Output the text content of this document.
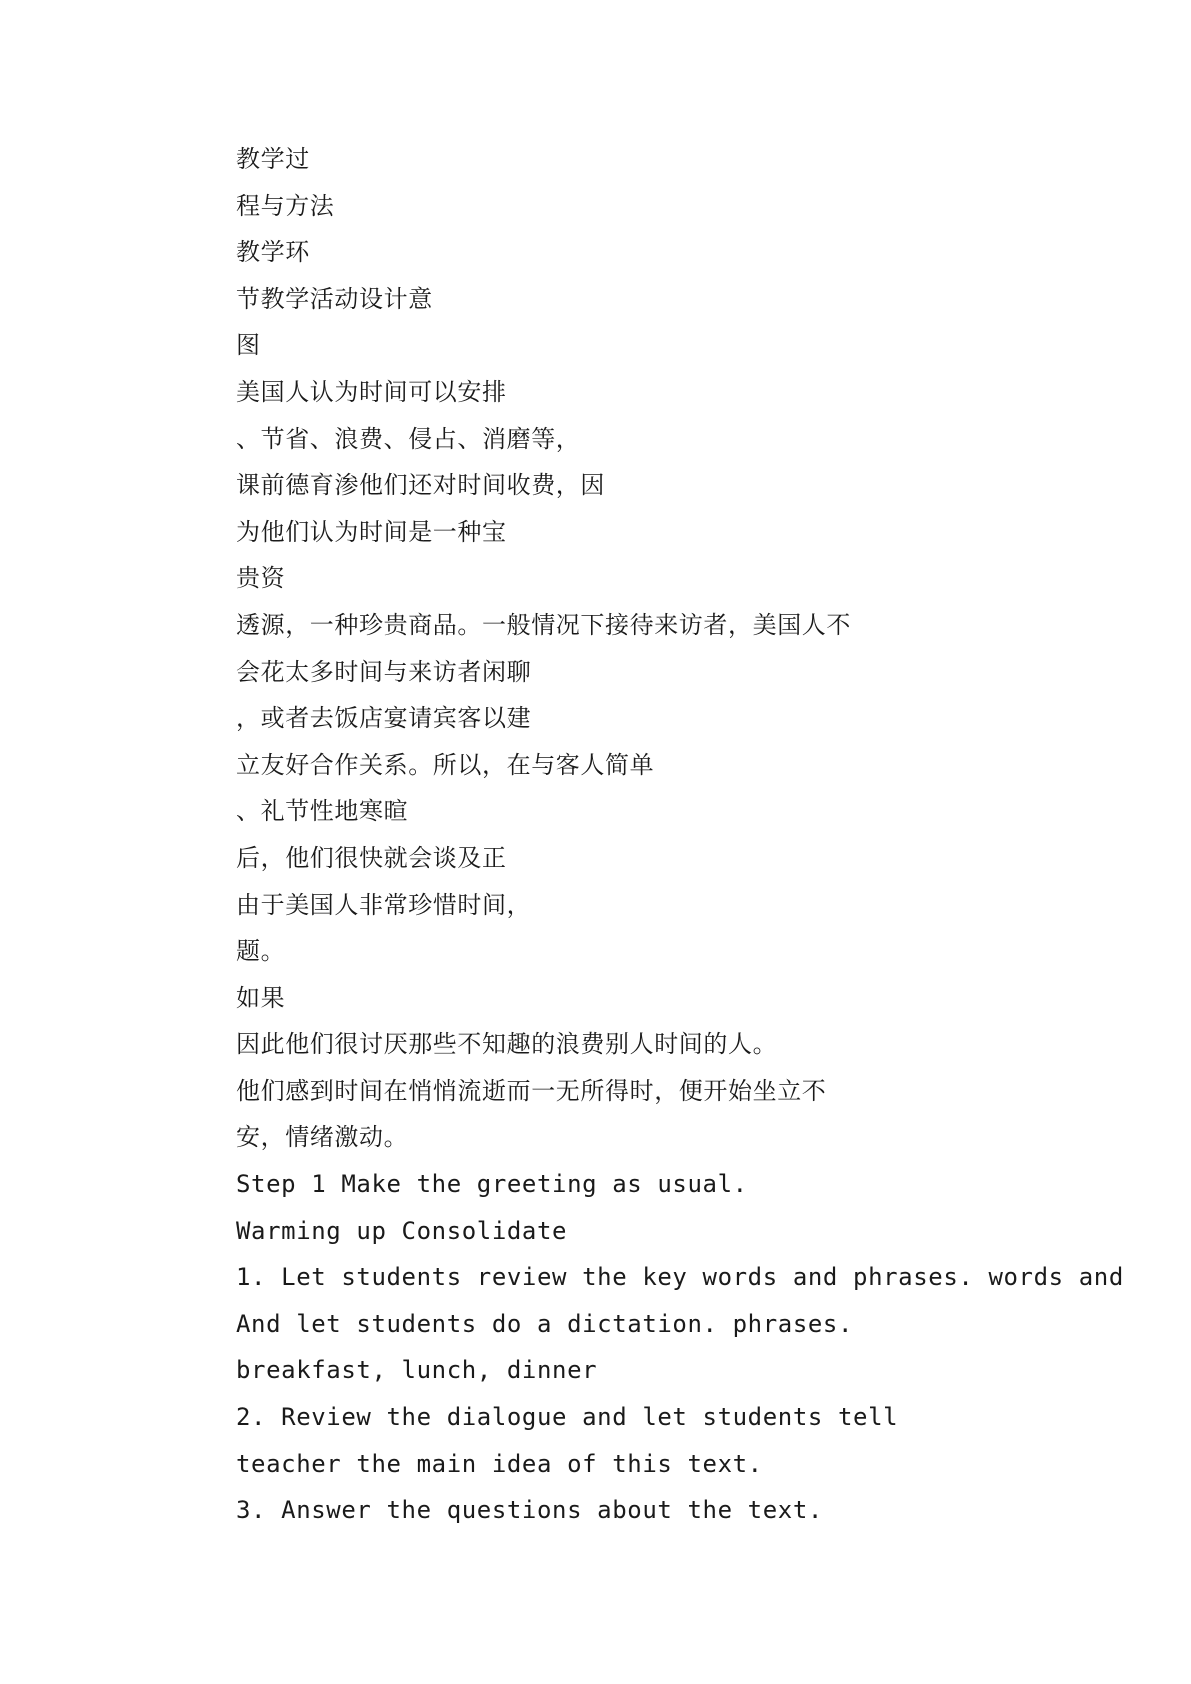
教学过
程与方法
教学环
节教学活动设计意
图
美国人认为时间可以安排
、节省、浪费、侵占、消磨等，
课前德育渗他们还对时间收费，因
为他们认为时间是一种宝
贵资
透源，一种珍贵商品。一般情况下接待来访者，美国人不
会花太多时间与来访者闲聊
，或者去饭店宴请宾客以建
立友好合作关系。所以，在与客人简单
、礼节性地寒暄
后，他们很快就会谈及正
由于美国人非常珍惜时间，
题。
如果
因此他们很讨厌那些不知趣的浪费别人时间的人。
他们感到时间在悄悄流逝而一无所得时，便开始坐立不
安，情绪激动。
Step 1 Make the greeting as usual.
Warming up Consolidate
1. Let students review the key words and phrases. words and
And let students do a dictation. phrases.
breakfast, lunch, dinner
2. Review the dialogue and let students tell
teacher the main idea of this text.
3. Answer the questions about the text.
